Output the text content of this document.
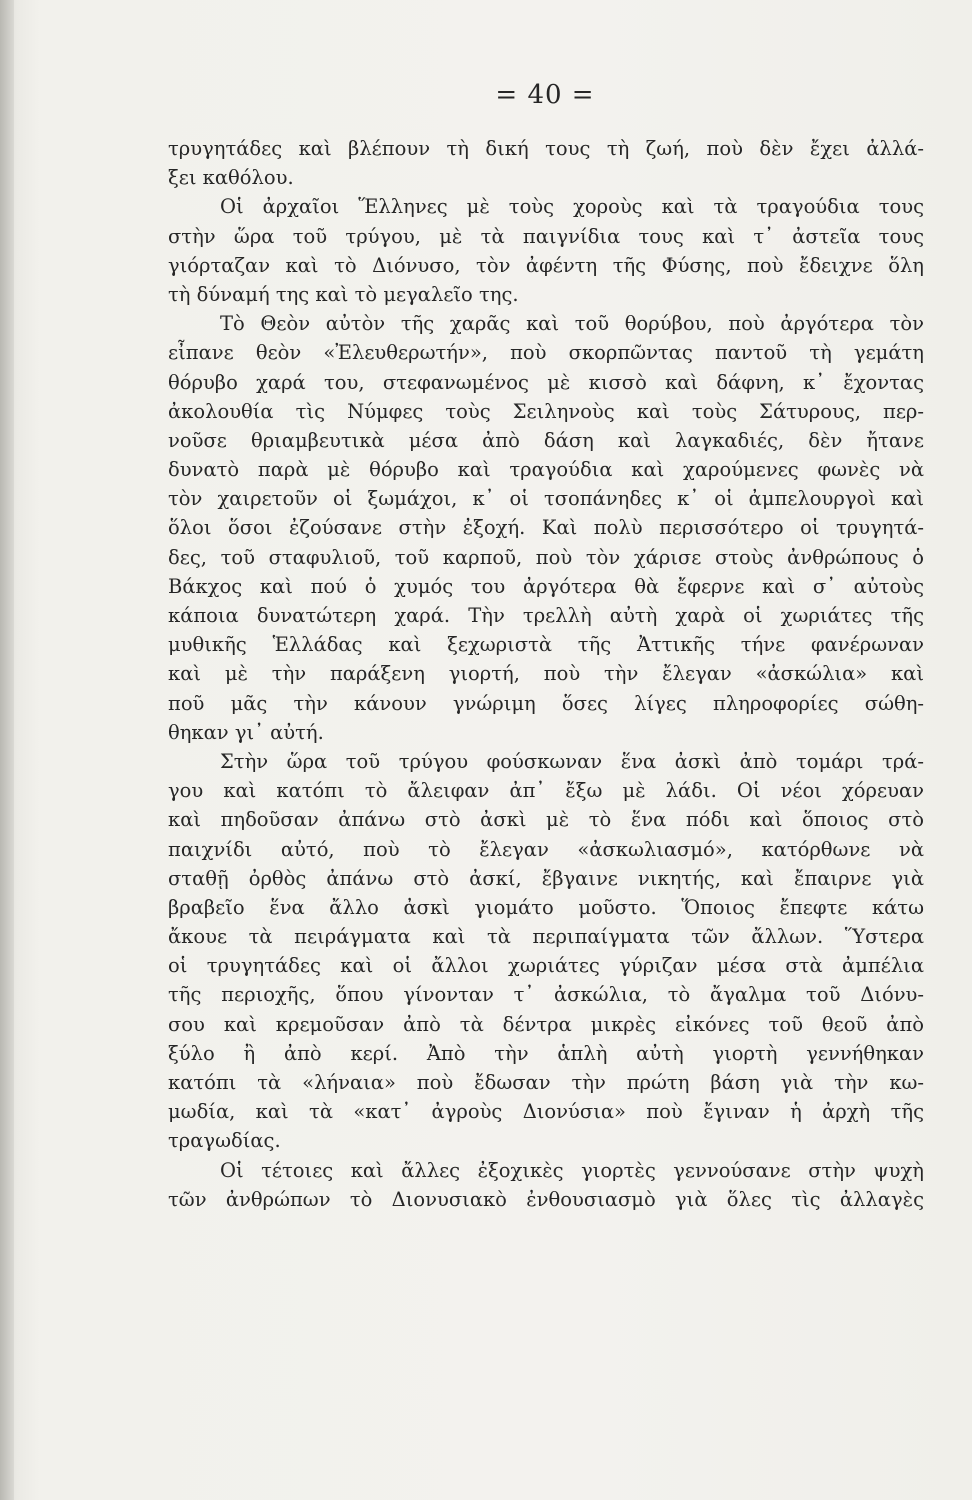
= 40 =
τρυγητάδες καὶ βλέπουν τὴ δική τους τὴ ζωή, ποὺ δὲν ἔχει ἀλλά-
ξει καθόλου.
Οἱ ἀρχαῖοι Ἕλληνες μὲ τοὺς χοροὺς καὶ τὰ τραγούδια τους
στὴν ὥρα τοῦ τρύγου, μὲ τὰ παιγνίδια τους καὶ τ᾽ ἀστεῖα τους
γιόρταζαν καὶ τὸ Διόνυσο, τὸν ἀφέντη τῆς Φύσης, ποὺ ἔδειχνε ὅλη
τὴ δύναμή της καὶ τὸ μεγαλεῖο της.
Τὸ Θεὸν αὐτὸν τῆς χαρᾶς καὶ τοῦ θορύβου, ποὺ ἀργότερα τὸν
εἶπανε θεὸν «Ἐλευθερωτήν», ποὺ σκορπῶντας παντοῦ τὴ γεμάτη
θόρυβο χαρά του, στεφανωμένος μὲ κισσὸ καὶ δάφνη, κ᾽ ἔχοντας
ἀκολουθία τὶς Νύμφες τοὺς Σειληνοὺς καὶ τοὺς Σάτυρους, περ-
νοῦσε θριαμβευτικὰ μέσα ἀπὸ δάση καὶ λαγκαδιές, δὲν ἤτανε
δυνατὸ παρὰ μὲ θόρυβο καὶ τραγούδια καὶ χαρούμενες φωνὲς νὰ
τὸν χαιρετοῦν οἱ ξωμάχοι, κ᾽ οἱ τσοπάνηδες κ᾽ οἱ ἀμπελουργοὶ καὶ
ὅλοι ὅσοι ἐζούσανε στὴν ἐξοχή. Καὶ πολὺ περισσότερο οἱ τρυγητά-
δες, τοῦ σταφυλιοῦ, τοῦ καρποῦ, ποὺ τὸν χάρισε στοὺς ἀνθρώπους ὁ
Βάκχος καὶ πού ὁ χυμός του ἀργότερα θὰ ἔφερνε καὶ σ᾽ αὐτοὺς
κάποια δυνατώτερη χαρά. Τὴν τρελλὴ αὐτὴ χαρὰ οἱ χωριάτες τῆς
μυθικῆς Ἑλλάδας καὶ ξεχωριστὰ τῆς Ἀττικῆς τήνε φανέρωναν
καὶ μὲ τὴν παράξενη γιορτή, ποὺ τὴν ἔλεγαν «ἀσκώλια» καὶ
ποῦ μᾶς τὴν κάνουν γνώριμη ὅσες λίγες πληροφορίες σώθη-
θηκαν γι᾽ αὐτή.
Στὴν ὥρα τοῦ τρύγου φούσκωναν ἕνα ἀσκὶ ἀπὸ τομάρι τρά-
γου καὶ κατόπι τὸ ἄλειφαν ἀπ᾽ ἔξω μὲ λάδι. Οἱ νέοι χόρευαν
καὶ πηδοῦσαν ἀπάνω στὸ ἀσκὶ μὲ τὸ ἕνα πόδι καὶ ὅποιος στὸ
παιχνίδι αὐτό, ποὺ τὸ ἔλεγαν «ἀσκωλιασμό», κατόρθωνε νὰ
σταθῇ ὀρθὸς ἀπάνω στὸ ἀσκί, ἔβγαινε νικητής, καὶ ἔπαιρνε γιὰ
βραβεῖο ἕνα ἄλλο ἀσκὶ γιομάτο μοῦστο. Ὅποιος ἔπεφτε κάτω
ἄκουε τὰ πειράγματα καὶ τὰ περιπαίγματα τῶν ἄλλων. Ὕστερα
οἱ τρυγητάδες καὶ οἱ ἄλλοι χωριάτες γύριζαν μέσα στὰ ἀμπέλια
τῆς περιοχῆς, ὅπου γίνονταν τ᾽ ἀσκώλια, τὸ ἄγαλμα τοῦ Διόνυ-
σου καὶ κρεμοῦσαν ἀπὸ τὰ δέντρα μικρὲς εἰκόνες τοῦ θεοῦ ἀπὸ
ξύλο ἢ ἀπὸ κερί. Ἀπὸ τὴν ἁπλὴ αὐτὴ γιορτὴ γεννήθηκαν
κατόπι τὰ «λήναια» ποὺ ἔδωσαν τὴν πρώτη βάση γιὰ τὴν κω-
μωδία, καὶ τὰ «κατ᾽ ἀγροὺς Διονύσια» ποὺ ἔγιναν ἡ ἀρχὴ τῆς
τραγωδίας.
Οἱ τέτοιες καὶ ἄλλες ἐξοχικὲς γιορτὲς γεννούσανε στὴν ψυχὴ
τῶν ἀνθρώπων τὸ Διονυσιακὸ ἐνθουσιασμὸ γιὰ ὅλες τὶς ἀλλαγὲς
